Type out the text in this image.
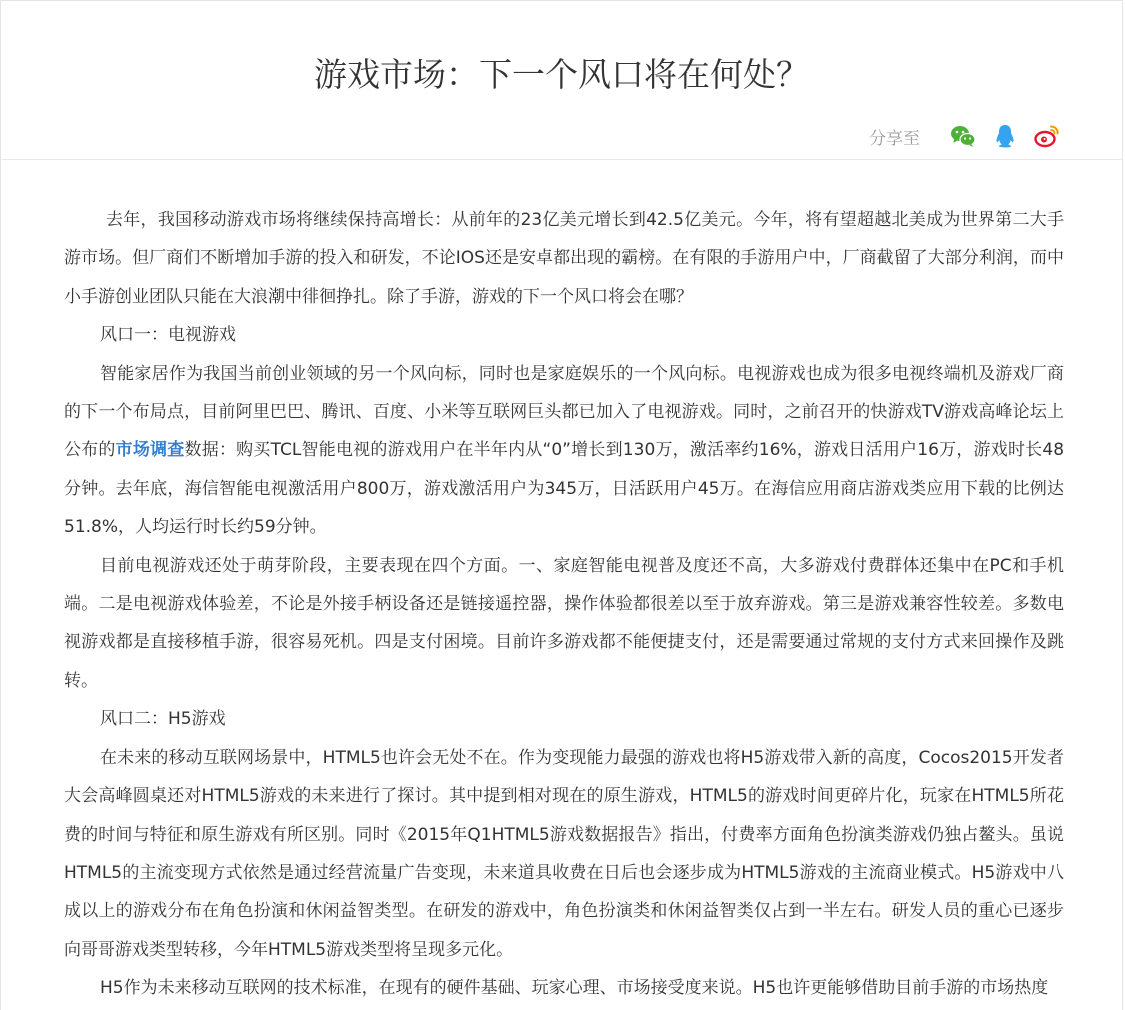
游戏市场：下一个风口将在何处？
分享至

去年，我国移动游戏市场将继续保持高增长：从前年的23亿美元增长到42.5亿美元。今年，将有望超越北美成为世界第二大手游市场。但厂商们不断增加手游的投入和研发，不论IOS还是安卓都出现的霸榜。在有限的手游用户中，厂商截留了大部分利润，而中小手游创业团队只能在大浪潮中徘徊挣扎。除了手游，游戏的下一个风口将会在哪？

风口一：电视游戏

智能家居作为我国当前创业领域的另一个风向标，同时也是家庭娱乐的一个风向标。电视游戏也成为很多电视终端机及游戏厂商的下一个布局点，目前阿里巴巴、腾讯、百度、小米等互联网巨头都已加入了电视游戏。同时，之前召开的快游戏TV游戏高峰论坛上公布的市场调查数据：购买TCL智能电视的游戏用户在半年内从“0”增长到130万，激活率约16%，游戏日活用户16万，游戏时长48分钟。去年底，海信智能电视激活用户800万，游戏激活用户为345万，日活跃用户45万。在海信应用商店游戏类应用下载的比例达51.8%，人均运行时长约59分钟。

目前电视游戏还处于萌芽阶段，主要表现在四个方面。一、家庭智能电视普及度还不高，大多游戏付费群体还集中在PC和手机端。二是电视游戏体验差，不论是外接手柄设备还是链接遥控器，操作体验都很差以至于放弃游戏。第三是游戏兼容性较差。多数电视游戏都是直接移植手游，很容易死机。四是支付困境。目前许多游戏都不能便捷支付，还是需要通过常规的支付方式来回操作及跳转。

风口二：H5游戏

在未来的移动互联网场景中，HTML5也许会无处不在。作为变现能力最强的游戏也将H5游戏带入新的高度，Cocos2015开发者大会高峰圆桌还对HTML5游戏的未来进行了探讨。其中提到相对现在的原生游戏，HTML5的游戏时间更碎片化，玩家在HTML5所花费的时间与特征和原生游戏有所区别。同时《2015年Q1HTML5游戏数据报告》指出，付费率方面角色扮演类游戏仍独占鳌头。虽说HTML5的主流变现方式依然是通过经营流量广告变现，未来道具收费在日后也会逐步成为HTML5游戏的主流商业模式。H5游戏中八成以上的游戏分布在角色扮演和休闲益智类型。在研发的游戏中，角色扮演类和休闲益智类仅占到一半左右。研发人员的重心已逐步向哥哥游戏类型转移，今年HTML5游戏类型将呈现多元化。

H5作为未来移动互联网的技术标准，在现有的硬件基础、玩家心理、市场接受度来说。H5也许更能够借助目前手游的市场热度
